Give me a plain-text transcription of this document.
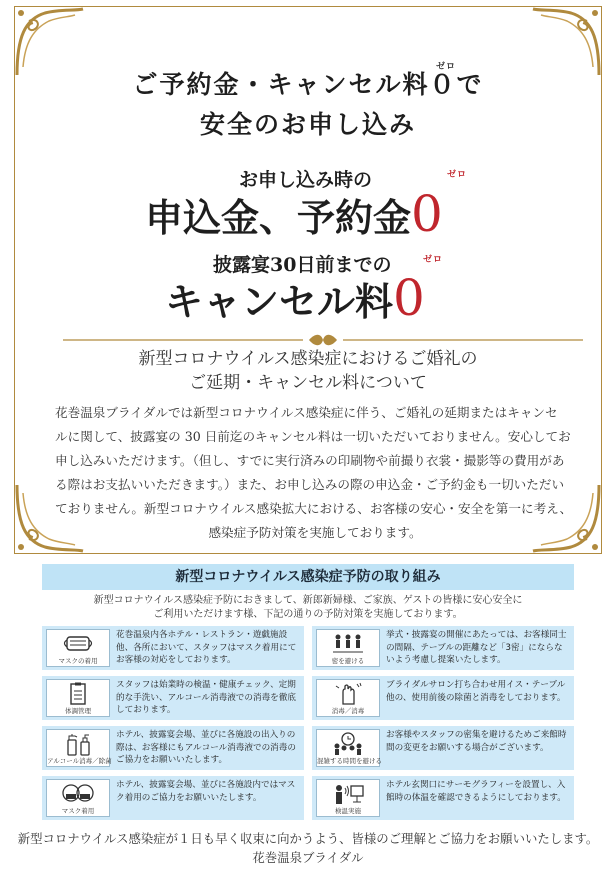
ゼロ
ご予約金・キャンセル料０で
安全のお申し込み
お申し込み時の	ゼロ
申込金、予約金0
披露宴30日前までの	ゼロ
キャンセル料0
新型コロナウイルス感染症におけるご婚礼の
ご延期・キャンセル料について
花巻温泉ブライダルでは新型コロナウイルス感染症に伴う、ご婚礼の延期またはキャンセ
ルに関して、披露宴の 30 日前迄のキャンセル料は一切いただいておりません。安心してお
申し込みいただけます。（但し、すでに実行済みの印刷物や前撮り衣裳・撮影等の費用があ
る際はお支払いいただきます。）また、お申し込みの際の申込金・ご予約金も一切いただい
ておりません。新型コロナウイルス感染拡大における、お客様の安心・安全を第一に考え、
感染症予防対策を実施しております。
新型コロナウイルス感染症予防の取り組み
新型コロナウイルス感染症予防におきまして、新郎新婦様、ご家族、ゲストの皆様に安心安全に
ご利用いただけます様、下記の通りの予防対策を実施しております。
マスクの着用
花巻温泉内各ホテル・レストラン・遊戯施設他、各所において、スタッフはマスク着用にてお客様の対応をしております。	密を避ける
挙式・披露宴の開催にあたっては、お客様同士の間隔、テーブルの距離など「3密」にならないよう考慮し提案いたします。
体調管理
スタッフは始業時の検温・健康チェック、定期的な手洗い、アルコール消毒液での消毒を徹底しております。	消毒／消毒
ブライダルサロン打ち合わせ用イス・テーブル他の、使用前後の除菌と消毒をしております。
アルコール消毒／除菌
ホテル、披露宴会場、並びに各施設の出入りの際は、お客様にもアルコール消毒液での消毒のご協力をお願いいたします。	混雑する時間を避ける
お客様やスタッフの密集を避けるためご来館時間の変更をお願いする場合がございます。
マスク着用
ホテル、披露宴会場、並びに各施設内ではマスク着用のご協力をお願いいたします。
検温実施
ホテル玄関口にサーモグラフィーを設置し、入館時の体温を確認できるようにしております。
新型コロナウイルス感染症が１日も早く収束に向かうよう、皆様のご理解とご協力をお願いいたします。
花巻温泉ブライダル
